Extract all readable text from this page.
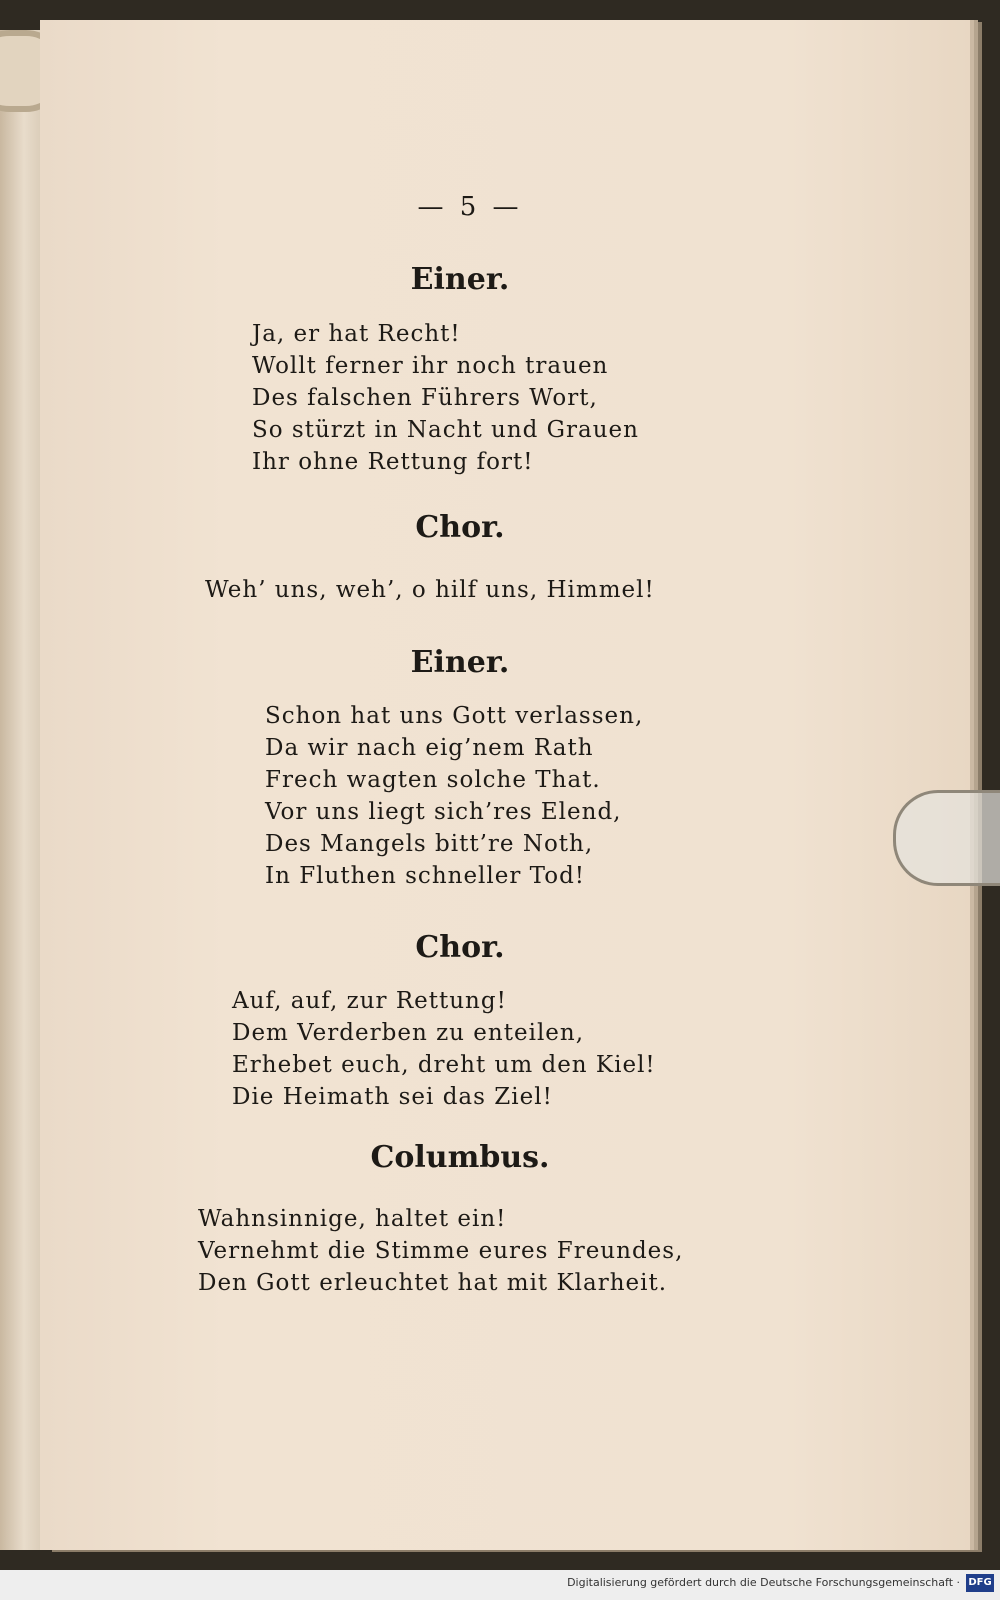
— 5 —
Einer.
Ja, er hat Recht!
Wollt ferner ihr noch trauen
Des falschen Führers Wort,
So stürzt in Nacht und Grauen
Ihr ohne Rettung fort!
Chor.
Weh’ uns, weh’, o hilf uns, Himmel!
Einer.
Schon hat uns Gott verlassen,
Da wir nach eig’nem Rath
Frech wagten solche That.
Vor uns liegt sich’res Elend,
Des Mangels bitt’re Noth,
In Fluthen schneller Tod!
Chor.
Auf, auf, zur Rettung!
Dem Verderben zu enteilen,
Erhebet euch, dreht um den Kiel!
Die Heimath sei das Ziel!
Columbus.
Wahnsinnige, haltet ein!
Vernehmt die Stimme eures Freundes,
Den Gott erleuchtet hat mit Klarheit.
Digitalisierung gefördert durch die Deutsche Forschungsgemeinschaft · DFG
